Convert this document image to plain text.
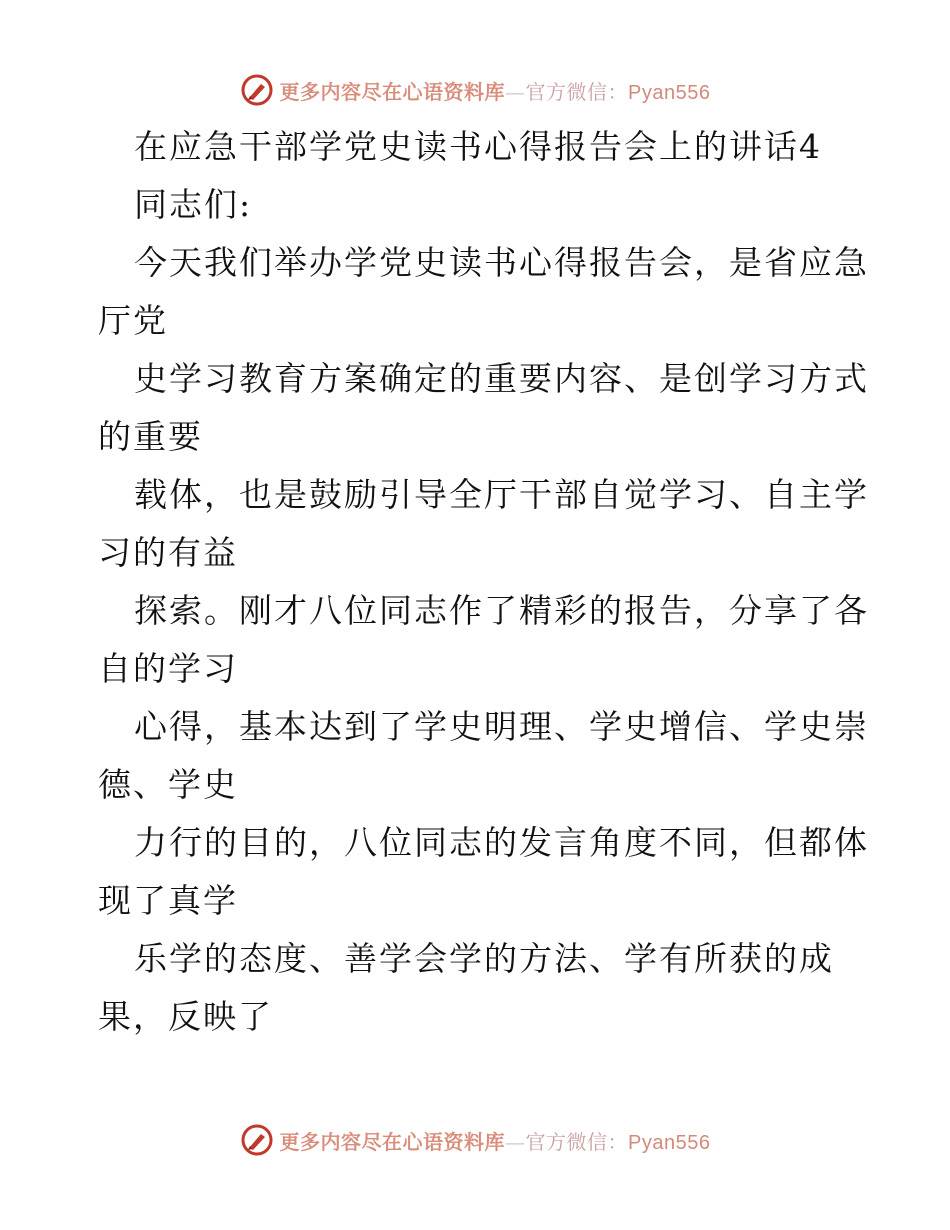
更多内容尽在心语资料库—官方微信：Pyan556
在应急干部学党史读书心得报告会上的讲话4
同志们:
今天我们举办学党史读书心得报告会，是省应急
厅党
史学习教育方案确定的重要内容、是创学习方式
的重要
载体，也是鼓励引导全厅干部自觉学习、自主学
习的有益
探索。刚才八位同志作了精彩的报告，分享了各
自的学习
心得，基本达到了学史明理、学史增信、学史崇
德、学史
力行的目的，八位同志的发言角度不同，但都体
现了真学
乐学的态度、善学会学的方法、学有所获的成
果，反映了
更多内容尽在心语资料库—官方微信：Pyan556
